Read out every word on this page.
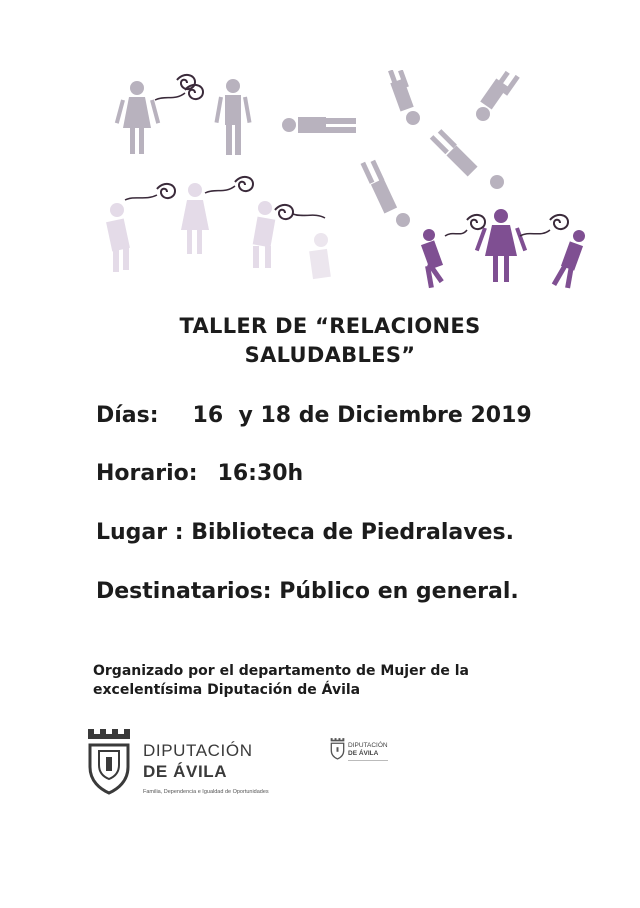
TALLER DE “RELACIONES
SALUDABLES”
Días: 16  y 18 de Diciembre 2019
Horario: 16:30h
Lugar : Biblioteca de Piedralaves.
Destinatarios: Público en general.
Organizado por el departamento de Mujer de la
excelentísima Diputación de Ávila
DIPUTACIÓN
DE ÁVILA
Familia, Dependencia e Igualdad de Oportunidades
DIPUTACIÓN
DE ÁVILA
